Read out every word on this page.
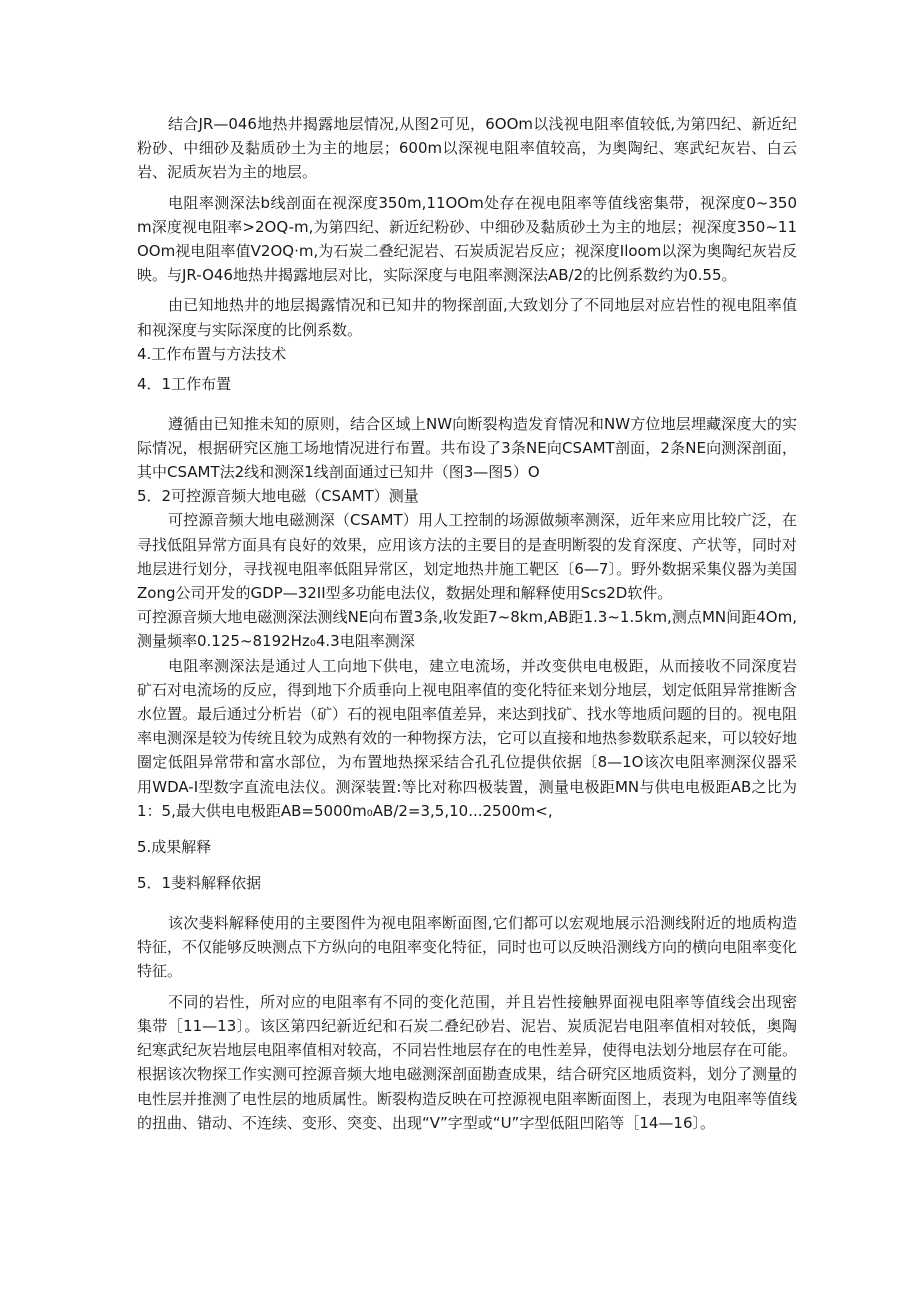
结合JR—046地热井揭露地层情况,从图2可见，6OOm以浅视电阻率值较低,为第四纪、新近纪粉砂、中细砂及黏质砂土为主的地层；600m以深视电阻率值较高，为奥陶纪、寒武纪灰岩、白云岩、泥质灰岩为主的地层。

电阻率测深法b线剖面在视深度350m,11OOm处存在视电阻率等值线密集带，视深度0~350m深度视电阻率>2OQ-m,为第四纪、新近纪粉砂、中细砂及黏质砂土为主的地层；视深度350~11OOm视电阻率值V2OQ·m,为石炭二叠纪泥岩、石炭质泥岩反应；视深度Ilοom以深为奥陶纪灰岩反映。与JR-O46地热井揭露地层对比，实际深度与电阻率测深法AB/2的比例系数约为0.55。

由已知地热井的地层揭露情况和已知井的物探剖面,大致划分了不同地层对应岩性的视电阻率值和视深度与实际深度的比例系数。

4.工作布置与方法技术
4．1工作布置

遵循由已知推未知的原则，结合区域上NW向断裂构造发育情况和NW方位地层埋藏深度大的实际情况，根据研究区施工场地情况进行布置。共布设了3条NE向CSAMT剖面，2条NE向测深剖面，其中CSAMT法2线和测深1线剖面通过已知井（图3—图5）O

5．2可控源音频大地电磁（CSAMT）测量

可控源音频大地电磁测深（CSAMT）用人工控制的场源做频率测深，近年来应用比较广泛，在寻找低阻异常方面具有良好的效果，应用该方法的主要目的是查明断裂的发育深度、产状等，同时对地层进行划分，寻找视电阻率低阻异常区，划定地热井施工靶区〔6—7〕。野外数据采集仪器为美国Zong公司开发的GDP—32II型多功能电法仪，数据处理和解释使用Scs2D软件。

可控源音频大地电磁测深法测线NE向布置3条,收发距7~8km,AB距1.3~1.5km,测点MN间距4Om,测量频率0.125~8192Hz₀4.3电阻率测深

电阻率测深法是通过人工向地下供电，建立电流场，并改变供电电极距，从而接收不同深度岩矿石对电流场的反应，得到地下介质垂向上视电阻率值的变化特征来划分地层，划定低阻异常推断含水位置。最后通过分析岩（矿）石的视电阻率值差异，来达到找矿、找水等地质问题的目的。视电阻率电测深是较为传统且较为成熟有效的一种物探方法，它可以直接和地热参数联系起来，可以较好地圈定低阻异常带和富水部位，为布置地热探采结合孔孔位提供依据〔8—1O该次电阻率测深仪器采用WDA-I型数字直流电法仪。测深装置:等比对称四极装置，测量电极距MN与供电电极距AB之比为1：5,最大供电电极距AB=5000m₀AB/2=3,5,10...2500m<,

5.成果解释
5．1斐料解释依据

该次斐料解释使用的主要图件为视电阻率断面图,它们都可以宏观地展示沿测线附近的地质构造特征，不仅能够反映测点下方纵向的电阻率变化特征，同时也可以反映沿测线方向的横向电阻率变化特征。

不同的岩性，所对应的电阻率有不同的变化范围，并且岩性接触界面视电阻率等值线会出现密集带［11—13〕。该区第四纪新近纪和石炭二叠纪砂岩、泥岩、炭质泥岩电阻率值相对较低，奥陶纪寒武纪灰岩地层电阻率值相对较高，不同岩性地层存在的电性差异，使得电法划分地层存在可能。根据该次物探工作实测可控源音频大地电磁测深剖面勘查成果，结合研究区地质资料，划分了测量的电性层并推测了电性层的地质属性。断裂构造反映在可控源视电阻率断面图上，表现为电阻率等值线的扭曲、错动、不连续、变形、突变、出现“V”字型或“U”字型低阻凹陷等［14—16〕。
